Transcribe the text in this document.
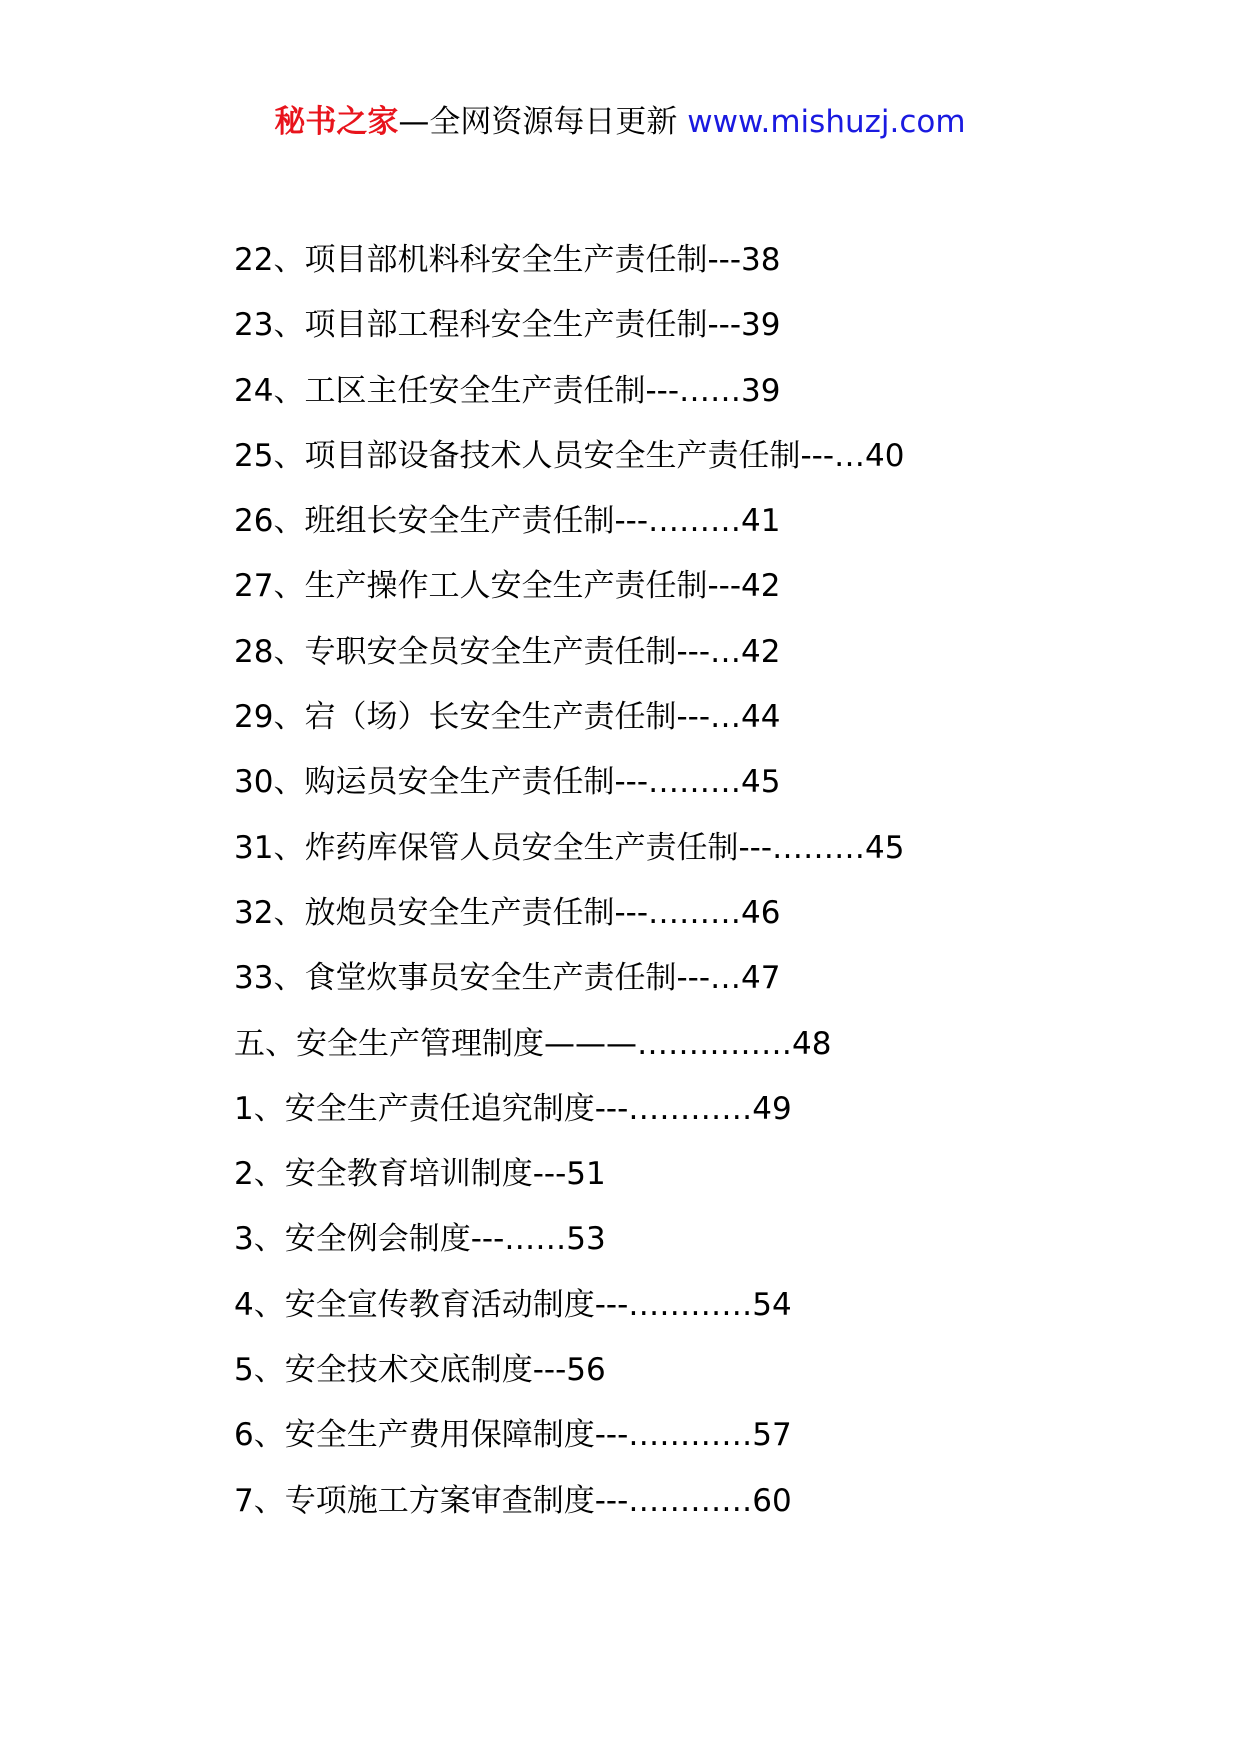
秘书之家—全网资源每日更新 www.mishuzj.com
22、项目部机料科安全生产责任制---38
23、项目部工程科安全生产责任制---39
24、工区主任安全生产责任制---……39
25、项目部设备技术人员安全生产责任制---…40
26、班组长安全生产责任制---………41
27、生产操作工人安全生产责任制---42
28、专职安全员安全生产责任制---…42
29、宕（场）长安全生产责任制---…44
30、购运员安全生产责任制---………45
31、炸药库保管人员安全生产责任制---………45
32、放炮员安全生产责任制---………46
33、食堂炊事员安全生产责任制---…47
五、安全生产管理制度———……………48
1、安全生产责任追究制度---…………49
2、安全教育培训制度---51
3、安全例会制度---……53
4、安全宣传教育活动制度---…………54
5、安全技术交底制度---56
6、安全生产费用保障制度---…………57
7、专项施工方案审查制度---…………60
